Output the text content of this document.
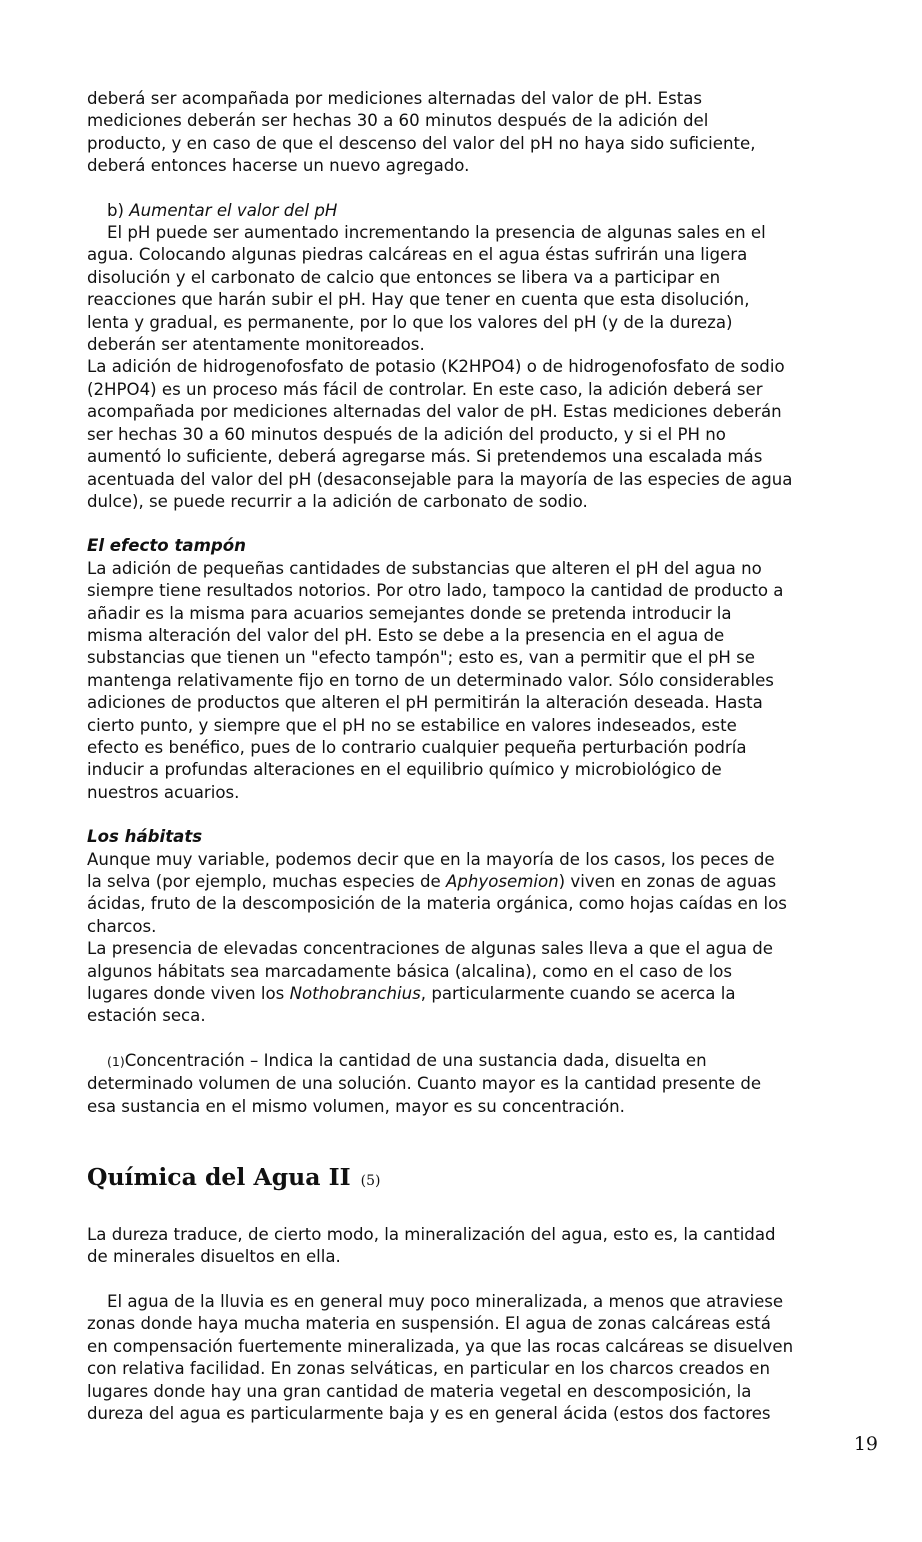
deberá ser acompañada por mediciones alternadas del valor de pH. Estas
mediciones deberán ser hechas 30 a 60 minutos después de la adición del
producto, y en caso de que el descenso del valor del pH no haya sido suficiente,
deberá entonces hacerse un nuevo agregado.

b) Aumentar el valor del pH

El pH puede ser aumentado incrementando la presencia de algunas sales en el

agua. Colocando algunas piedras calcáreas en el agua éstas sufrirán una ligera
disolución y el carbonato de calcio que entonces se libera va a participar en
reacciones que harán subir el pH. Hay que tener en cuenta que esta disolución,
lenta y gradual, es permanente, por lo que los valores del pH (y de la dureza)
deberán ser atentamente monitoreados.

La adición de hidrogenofosfato de potasio (K2HPO4) o de hidrogenofosfato de sodio
(2HPO4) es un proceso más fácil de controlar. En este caso, la adición deberá ser
acompañada por mediciones alternadas del valor de pH. Estas mediciones deberán
ser hechas 30 a 60 minutos después de la adición del producto, y si el PH no
aumentó lo suficiente, deberá agregarse más. Si pretendemos una escalada más
acentuada del valor del pH (desaconsejable para la mayoría de las especies de agua
dulce), se puede recurrir a la adición de carbonato de sodio.

El efecto tampón

La adición de pequeñas cantidades de substancias que alteren el pH del agua no
siempre tiene resultados notorios. Por otro lado, tampoco la cantidad de producto a
añadir es la misma para acuarios semejantes donde se pretenda introducir la
misma alteración del valor del pH. Esto se debe a la presencia en el agua de
substancias que tienen un "efecto tampón"; esto es, van a permitir que el pH se
mantenga relativamente fijo en torno de un determinado valor. Sólo considerables
adiciones de productos que alteren el pH permitirán la alteración deseada. Hasta
cierto punto, y siempre que el pH no se estabilice en valores indeseados, este
efecto es benéfico, pues de lo contrario cualquier pequeña perturbación podría
inducir a profundas alteraciones en el equilibrio químico y microbiológico de
nuestros acuarios.

Los hábitats

Aunque muy variable, podemos decir que en la mayoría de los casos, los peces de
la selva (por ejemplo, muchas especies de Aphyosemion) viven en zonas de aguas
ácidas, fruto de la descomposición de la materia orgánica, como hojas caídas en los
charcos.

La presencia de elevadas concentraciones de algunas sales lleva a que el agua de
algunos hábitats sea marcadamente básica (alcalina), como en el caso de los
lugares donde viven los Nothobranchius, particularmente cuando se acerca la
estación seca.

(1)Concentración – Indica la cantidad de una sustancia dada, disuelta en

determinado volumen de una solución. Cuanto mayor es la cantidad presente de
esa sustancia en el mismo volumen, mayor es su concentración.

Química del Agua II (5)

La dureza traduce, de cierto modo, la mineralización del agua, esto es, la cantidad
de minerales disueltos en ella.

El agua de la lluvia es en general muy poco mineralizada, a menos que atraviese

zonas donde haya mucha materia en suspensión. El agua de zonas calcáreas está
en compensación fuertemente mineralizada, ya que las rocas calcáreas se disuelven
con relativa facilidad. En zonas selváticas, en particular en los charcos creados en
lugares donde hay una gran cantidad de materia vegetal en descomposición, la
dureza del agua es particularmente baja y es en general ácida (estos dos factores

19
